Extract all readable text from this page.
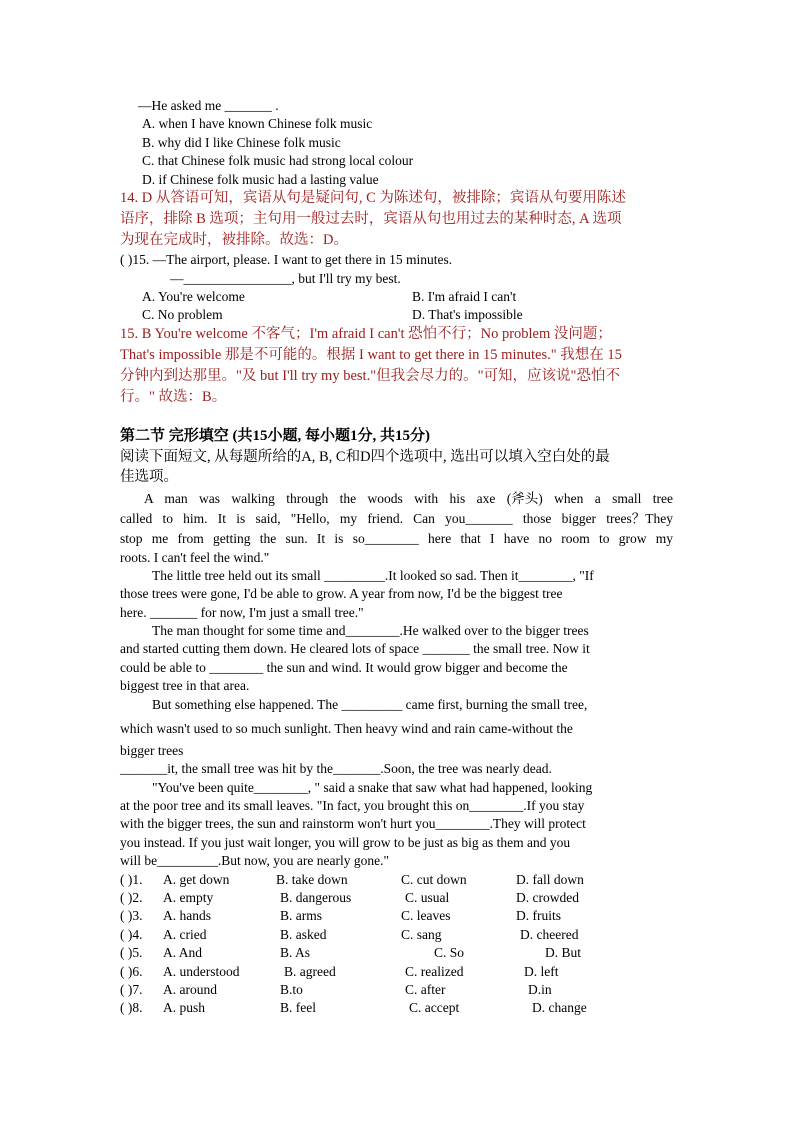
—He asked me _______ .
A. when I have known Chinese folk music
B. why did I like Chinese folk music
C. that Chinese folk music had strong local colour
D. if Chinese folk music had a lasting value
14. D 从答语可知，宾语从句是疑问句, C 为陈述句，被排除；宾语从句要用陈述
语序，排除 B 选项；主句用一般过去时，宾语从句也用过去的某种时态, A 选项
为现在完成时，被排除。故选：D。
( )15. —The airport, please. I want to get there in 15 minutes.
—________________, but I'll try my best.
A. You're welcome	B. I'm afraid I can't
C. No problem	D. That's impossible
15. B You're welcome 不客气；I'm afraid I can't 恐怕不行；No problem 没问题；
That's impossible 那是不可能的。根据 I want to get there in 15 minutes." 我想在 15
分钟内到达那里。"及 but I'll try my best."但我会尽力的。"可知，应该说"恐怕不
行。" 故选：B。
第二节 完形填空 (共15小题, 每小题1分, 共15分)
阅读下面短文, 从每题所给的A, B, C和D四个选项中, 选出可以填入空白处的最
佳选项。
A man was walking through the woods with his axe (斧头) when a small tree
called to him. It is said, "Hello, my friend. Can you_______ those bigger trees？They
stop me from getting the sun. It is so________ here that I have no room to grow my
roots. I can't feel the wind."
The little tree held out its small _________.It looked so sad. Then it________, "If
those trees were gone, I'd be able to grow. A year from now, I'd be the biggest tree
here. _______ for now, I'm just a small tree."
The man thought for some time and________.He walked over to the bigger trees
and started cutting them down. He cleared lots of space _______ the small tree. Now it
could be able to ________ the sun and wind. It would grow bigger and become the
biggest tree in that area.
But something else happened. The _________ came first, burning the small tree,
which wasn't used to so much sunlight. Then heavy wind and rain came-without the
bigger trees
_______it, the small tree was hit by the_______.Soon, the tree was nearly dead.
"You've been quite________, " said a snake that saw what had happened, looking
at the poor tree and its small leaves. "In fact, you brought this on________.If you stay
with the bigger trees, the sun and rainstorm won't hurt you________.They will protect
you instead. If you just wait longer, you will grow to be just as big as them and you
will be_________.But now, you are nearly gone."
( )1. A. get down	B. take down	C. cut down	D. fall down
( )2. A. empty	B. dangerous	C. usual	D. crowded
( )3. A. hands	B. arms	C. leaves	D. fruits
( )4. A. cried	B. asked	C. sang	D. cheered
( )5. A. And	B. As	C. So	D. But
( )6. A. understood	B. agreed	C. realized	D. left
( )7. A. around	B.to	C. after	D.in
( )8. A. push	B. feel	C. accept	D. change
